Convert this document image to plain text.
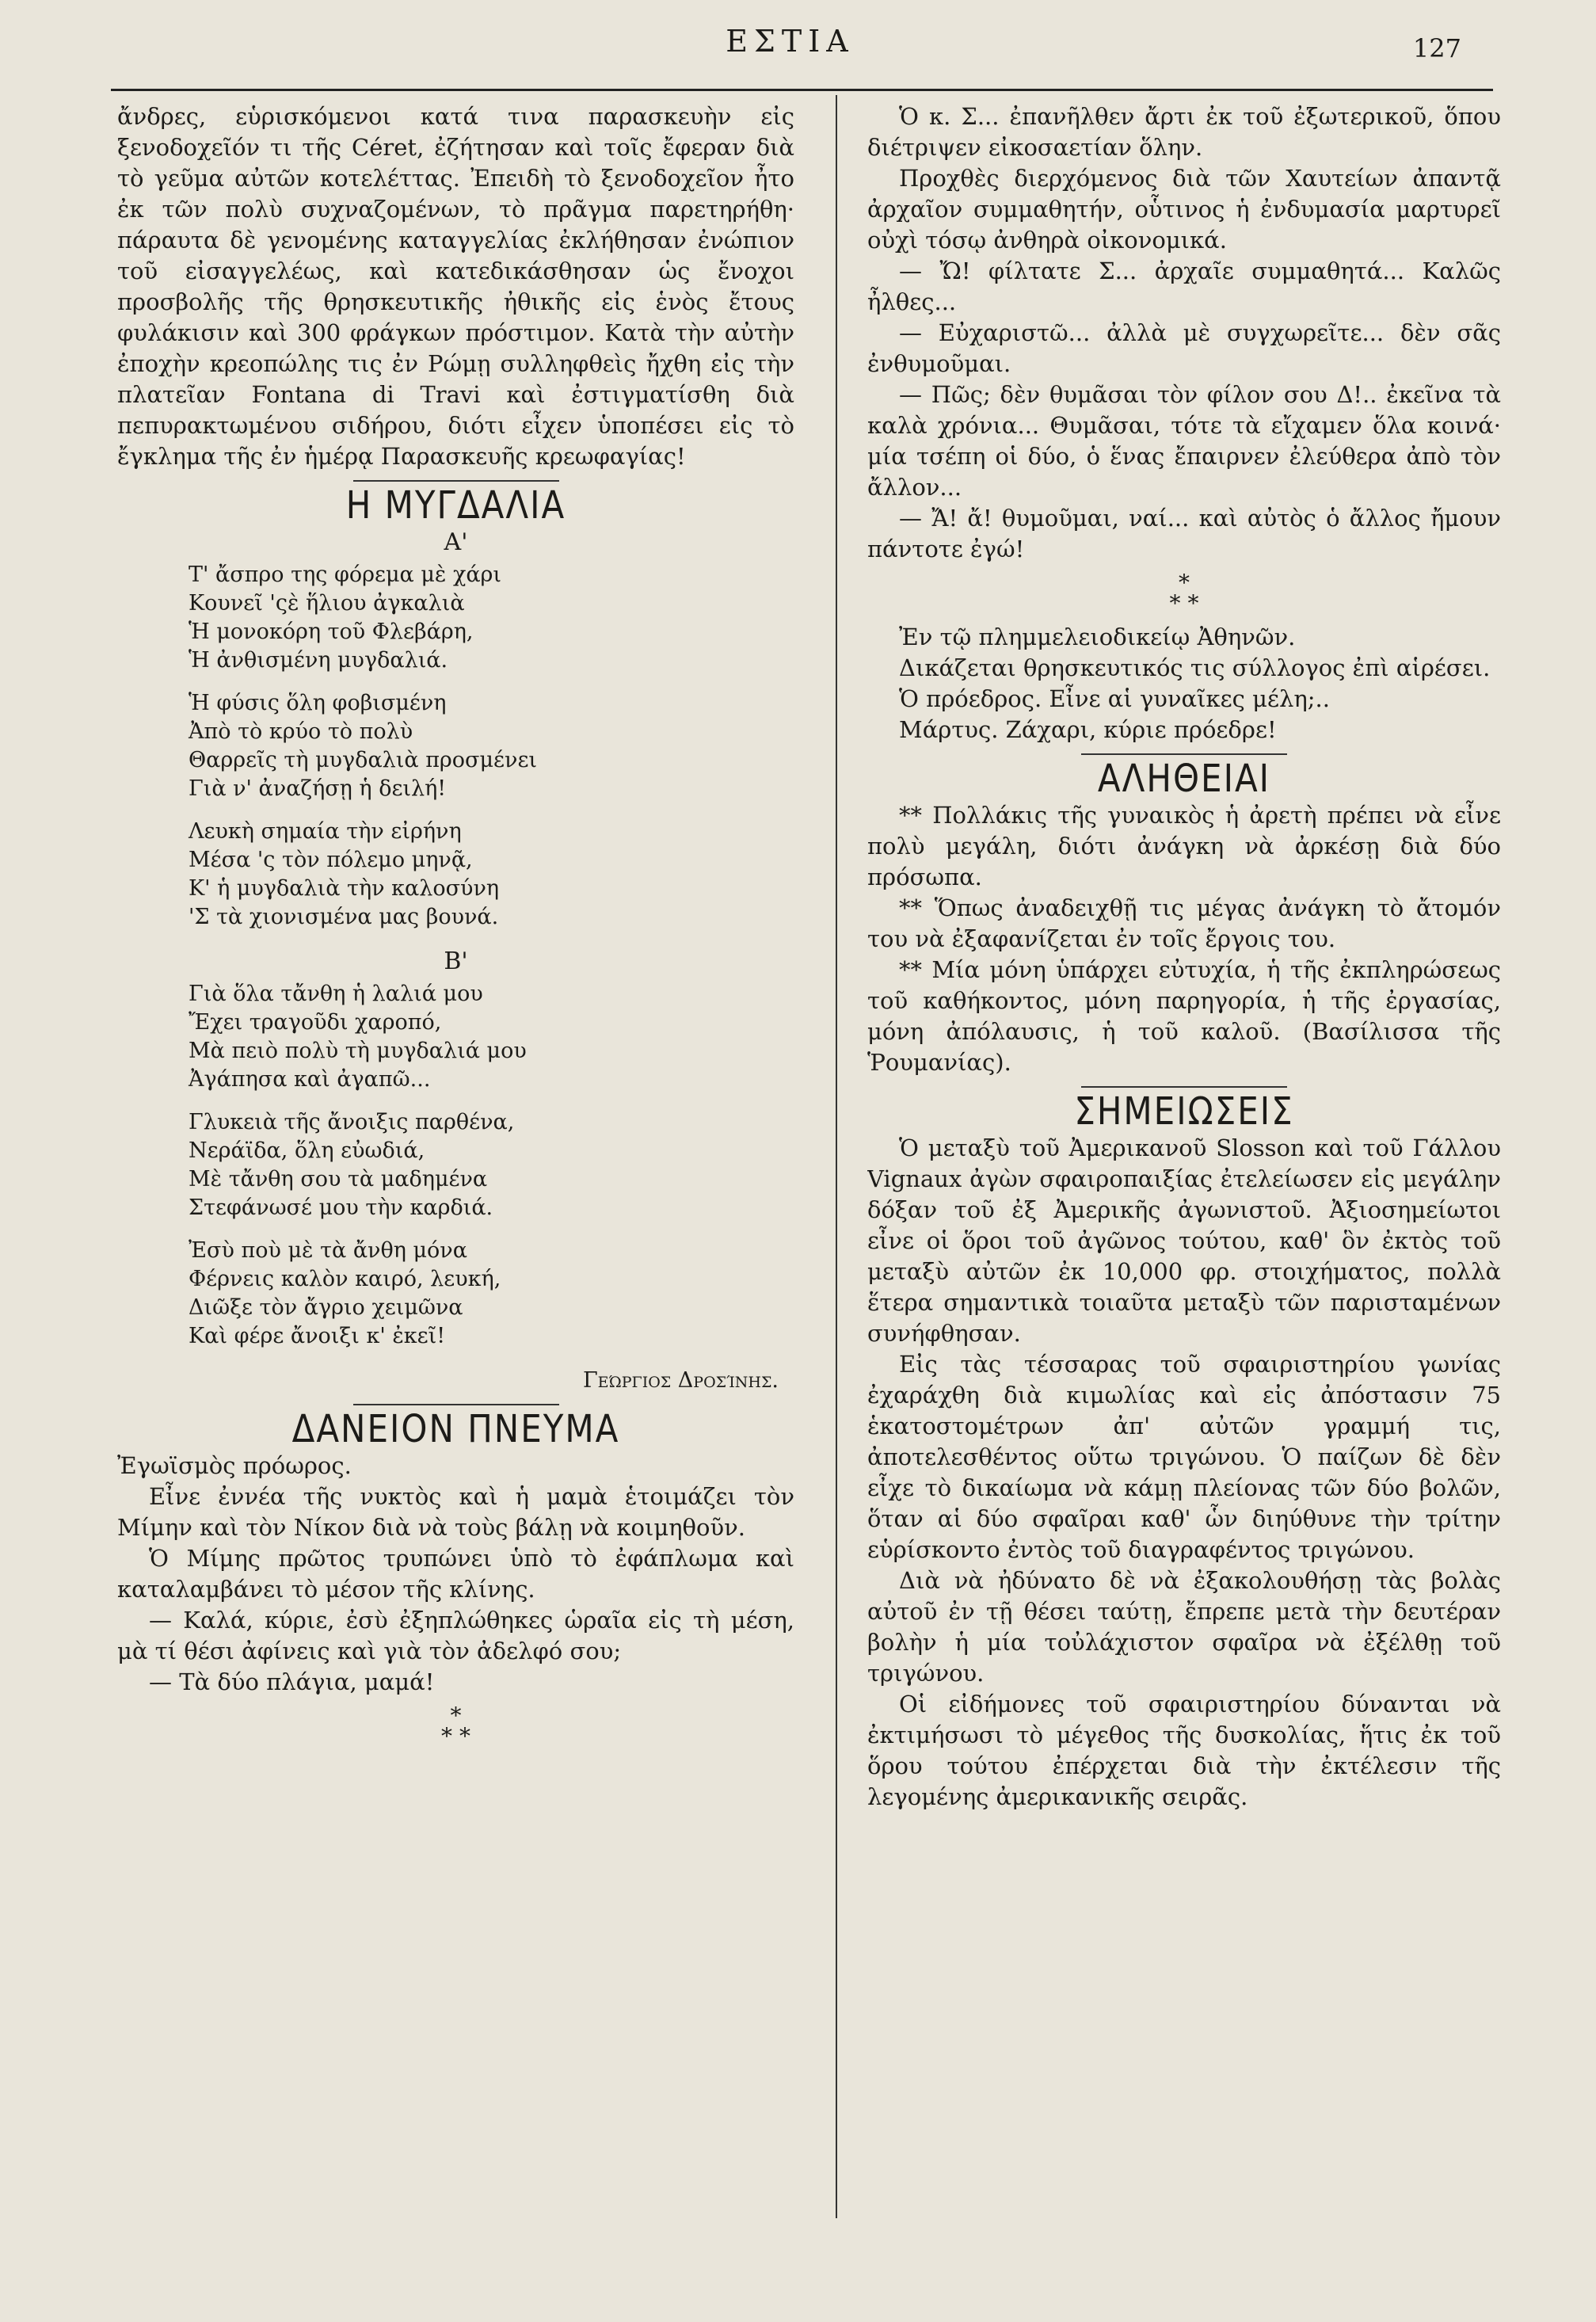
ΕΣΤΙΑ	127

ἄνδρες, εὑρισκόμενοι κατά τινα παρασκευὴν εἰς ξενοδοχεῖόν τι τῆς Céret, ἐζήτησαν καὶ τοῖς ἔφεραν διὰ τὸ γεῦμα αὐτῶν κοτελέττας. Ἐπειδὴ τὸ ξενοδοχεῖον ἦτο ἐκ τῶν πολὺ συχναζομένων, τὸ πρᾶγμα παρετηρήθη· πάραυτα δὲ γενομένης καταγγελίας ἐκλήθησαν ἐνώπιον τοῦ εἰσαγγελέως, καὶ κατεδικάσθησαν ὡς ἔνοχοι προσβολῆς τῆς θρησκευτικῆς ἠθικῆς εἰς ἑνὸς ἔτους φυλάκισιν καὶ 300 φράγκων πρόστιμον. Κατὰ τὴν αὐτὴν ἐποχὴν κρεοπώλης τις ἐν Ρώμῃ συλληφθεὶς ἤχθη εἰς τὴν πλατεῖαν Fontana di Travi καὶ ἐστιγματίσθη διὰ πεπυρακτωμένου σιδήρου, διότι εἶχεν ὑποπέσει εἰς τὸ ἔγκλημα τῆς ἐν ἡμέρᾳ Παρασκευῆς κρεωφαγίας!

Η ΜΥΓΔΑΛΙΑ
Α'
Τ' ἄσπρο της φόρεμα μὲ χάρι
Κουνεῖ 'ςὲ ἥλιου ἀγκαλιὰ
Ἡ μονοκόρη τοῦ Φλεβάρη,
Ἡ ἀνθισμένη μυγδαλιά.
Ἡ φύσις ὅλη φοβισμένη
Ἀπὸ τὸ κρύο τὸ πολὺ
Θαρρεῖς τὴ μυγδαλιὰ προσμένει
Γιὰ ν' ἀναζήσῃ ἡ δειλή!
Λευκὴ σημαία τὴν εἰρήνη
Μέσα 'ς τὸν πόλεμο μηνᾷ,
Κ' ἡ μυγδαλιὰ τὴν καλοσύνη
'Σ τὰ χιονισμένα μας βουνά.
Β'
Γιὰ ὅλα τἄνθη ἡ λαλιά μου
Ἔχει τραγοῦδι χαροπό,
Μὰ πειὸ πολὺ τὴ μυγδαλιά μου
Ἀγάπησα καὶ ἀγαπῶ...
Γλυκειὰ τῆς ἄνοιξις παρθένα,
Νεράϊδα, ὅλη εὐωδιά,
Μὲ τἄνθη σου τὰ μαδημένα
Στεφάνωσέ μου τὴν καρδιά.
Ἐσὺ ποὺ μὲ τὰ ἄνθη μόνα
Φέρνεις καλὸν καιρό, λευκή,
Διῶξε τὸν ἄγριο χειμῶνα
Καὶ φέρε ἄνοιξι κ' ἐκεῖ!
Γεώργιος Δροσίνης.
ΔΑΝΕΙΟΝ ΠΝΕΥΜΑ

Ἐγωϊσμὸς πρόωρος.

Εἶνε ἐννέα τῆς νυκτὸς καὶ ἡ μαμὰ ἑτοιμάζει τὸν Μίμην καὶ τὸν Νίκον διὰ νὰ τοὺς βάλῃ νὰ κοιμηθοῦν.

Ὁ Μίμης πρῶτος τρυπώνει ὑπὸ τὸ ἐφάπλωμα καὶ καταλαμβάνει τὸ μέσον τῆς κλίνης.

— Καλά, κύριε, ἐσὺ ἐξηπλώθηκες ὡραῖα εἰς τὴ μέση, μὰ τί θέσι ἀφίνεις καὶ γιὰ τὸν ἀδελφό σου;

— Τὰ δύο πλάγια, μαμά!

*
* *

Ὁ κ. Σ... ἐπανῆλθεν ἄρτι ἐκ τοῦ ἐξωτερικοῦ, ὅπου διέτριψεν εἰκοσαετίαν ὅλην.

Προχθὲς διερχόμενος διὰ τῶν Χαυτείων ἀπαντᾷ ἀρχαῖον συμμαθητήν, οὗτινος ἡ ἐνδυμασία μαρτυρεῖ οὐχὶ τόσῳ ἀνθηρὰ οἰκονομικά.

— Ὤ! φίλτατε Σ... ἀρχαῖε συμμαθητά... Καλῶς ἦλθες...

— Εὐχαριστῶ... ἀλλὰ μὲ συγχωρεῖτε... δὲν σᾶς ἐνθυμοῦμαι.

— Πῶς; δὲν θυμᾶσαι τὸν φίλον σου Δ!.. ἐκεῖνα τὰ καλὰ χρόνια... Θυμᾶσαι, τότε τὰ εἴχαμεν ὅλα κοινά· μία τσέπη οἱ δύο, ὁ ἕνας ἔπαιρνεν ἐλεύθερα ἀπὸ τὸν ἄλλον...

— Ἄ! ἄ! θυμοῦμαι, ναί... καὶ αὐτὸς ὁ ἄλλος ἤμουν πάντοτε ἐγώ!

*
* *

Ἐν τῷ πλημμελειοδικείῳ Ἀθηνῶν.

Δικάζεται θρησκευτικός τις σύλλογος ἐπὶ αἱρέσει.

Ὁ πρόεδρος. Εἶνε αἱ γυναῖκες μέλη;..

Μάρτυς. Ζάχαρι, κύριε πρόεδρε!

ΑΛΗΘΕΙΑΙ

** Πολλάκις τῆς γυναικὸς ἡ ἀρετὴ πρέπει νὰ εἶνε πολὺ μεγάλη, διότι ἀνάγκη νὰ ἀρκέσῃ διὰ δύο πρόσωπα.

** Ὅπως ἀναδειχθῇ τις μέγας ἀνάγκη τὸ ἄτομόν του νὰ ἐξαφανίζεται ἐν τοῖς ἔργοις του.

** Μία μόνη ὑπάρχει εὐτυχία, ἡ τῆς ἐκπληρώσεως τοῦ καθήκοντος, μόνη παρηγορία, ἡ τῆς ἐργασίας, μόνη ἀπόλαυσις, ἡ τοῦ καλοῦ. (Βασίλισσα τῆς Ῥουμανίας).

ΣΗΜΕΙΩΣΕΙΣ

Ὁ μεταξὺ τοῦ Ἀμερικανοῦ Slosson καὶ τοῦ Γάλλου Vignaux ἀγὼν σφαιροπαιξίας ἐτελείωσεν εἰς μεγάλην δόξαν τοῦ ἐξ Ἀμερικῆς ἀγωνιστοῦ. Ἀξιοσημείωτοι εἶνε οἱ ὅροι τοῦ ἀγῶνος τούτου, καθ' ὃν ἐκτὸς τοῦ μεταξὺ αὐτῶν ἐκ 10,000 φρ. στοιχήματος, πολλὰ ἕτερα σημαντικὰ τοιαῦτα μεταξὺ τῶν παρισταμένων συνήφθησαν.

Εἰς τὰς τέσσαρας τοῦ σφαιριστηρίου γωνίας ἐχαράχθη διὰ κιμωλίας καὶ εἰς ἀπόστασιν 75 ἑκατοστομέτρων ἀπ' αὐτῶν γραμμή τις, ἀποτελεσθέντος οὕτω τριγώνου. Ὁ παίζων δὲ δὲν εἶχε τὸ δικαίωμα νὰ κάμῃ πλείονας τῶν δύο βολῶν, ὅταν αἱ δύο σφαῖραι καθ' ὧν διηύθυνε τὴν τρίτην εὑρίσκοντο ἐντὸς τοῦ διαγραφέντος τριγώνου.

Διὰ νὰ ἠδύνατο δὲ νὰ ἐξακολουθήσῃ τὰς βολὰς αὐτοῦ ἐν τῇ θέσει ταύτῃ, ἔπρεπε μετὰ τὴν δευτέραν βολὴν ἡ μία τοὐλάχιστον σφαῖρα νὰ ἐξέλθῃ τοῦ τριγώνου.

Οἱ εἰδήμονες τοῦ σφαιριστηρίου δύνανται νὰ ἐκτιμήσωσι τὸ μέγεθος τῆς δυσκολίας, ἥτις ἐκ τοῦ ὅρου τούτου ἐπέρχεται διὰ τὴν ἐκτέλεσιν τῆς λεγομένης ἀμερικανικῆς σειρᾶς.
